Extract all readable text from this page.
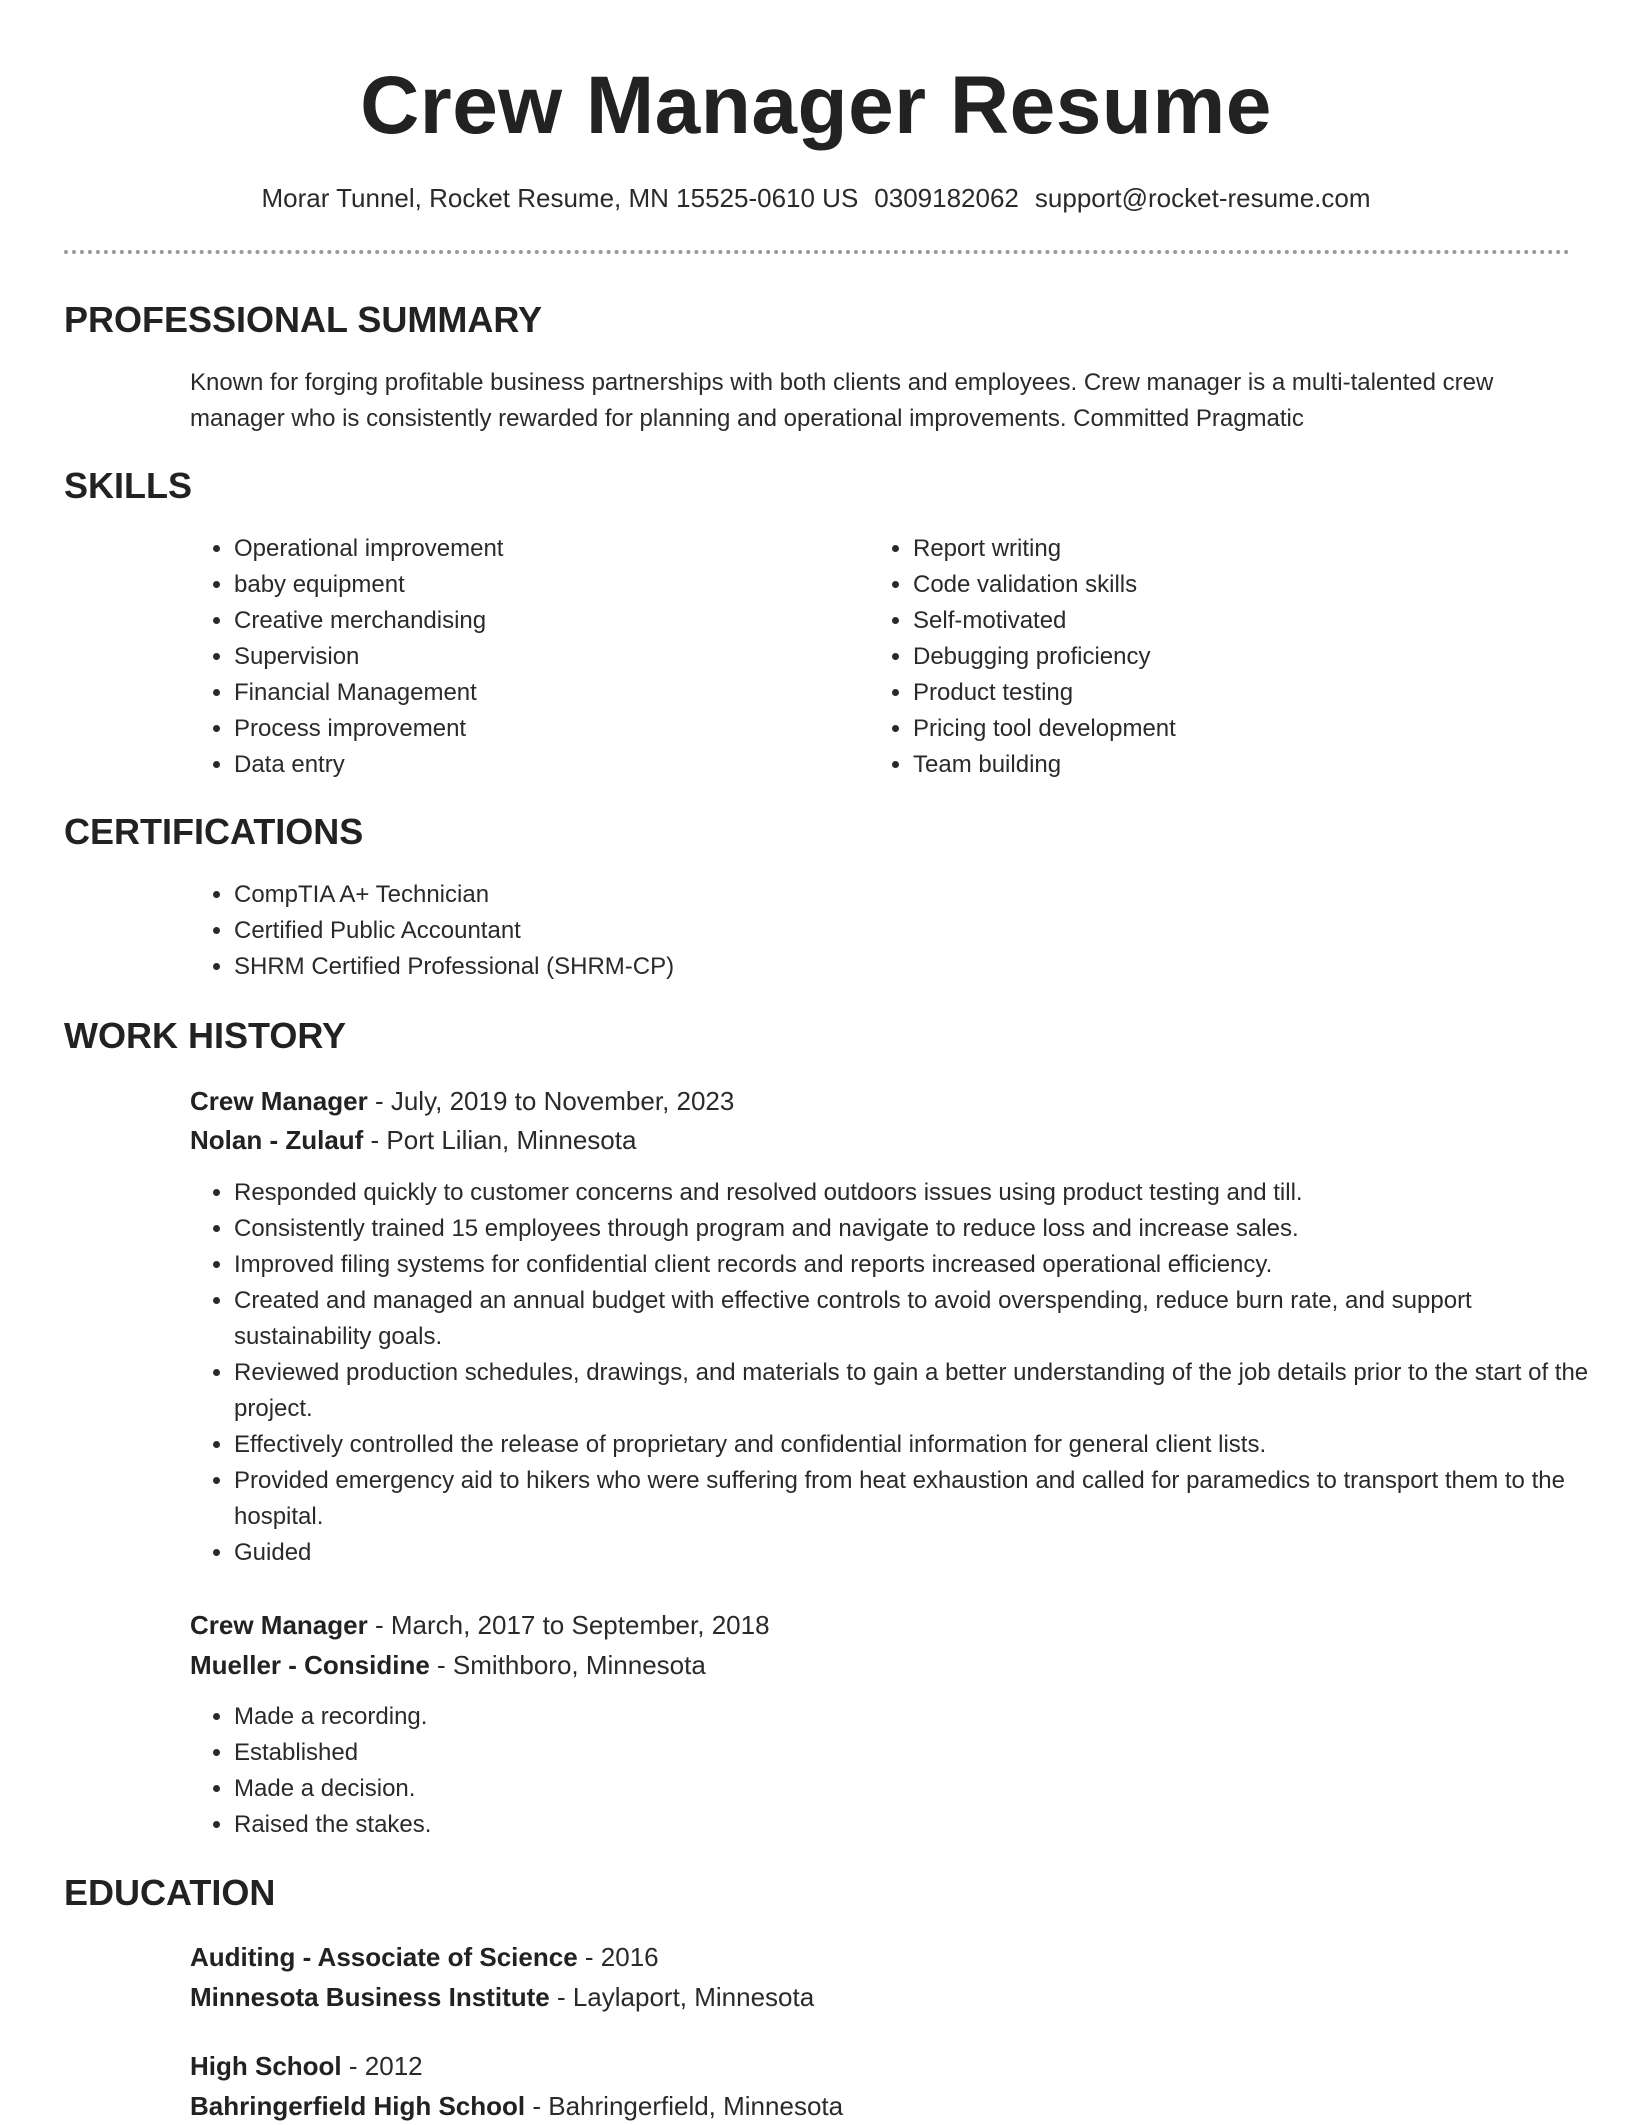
Crew Manager Resume
Morar Tunnel, Rocket Resume, MN 15525-0610 US 0309182062 support@rocket-resume.com
PROFESSIONAL SUMMARY

Known for forging profitable business partnerships with both clients and employees. Crew manager is a multi-talented crew manager who is consistently rewarded for planning and operational improvements. Committed Pragmatic

SKILLS
• Operational improvement
• baby equipment
• Creative merchandising
• Supervision
• Financial Management
• Process improvement
• Data entry
• Report writing
• Code validation skills
• Self-motivated
• Debugging proficiency
• Product testing
• Pricing tool development
• Team building
CERTIFICATIONS
• CompTIA A+ Technician
• Certified Public Accountant
• SHRM Certified Professional (SHRM-CP)
WORK HISTORY
Crew Manager - July, 2019 to November, 2023
Nolan - Zulauf - Port Lilian, Minnesota
• Responded quickly to customer concerns and resolved outdoors issues using product testing and till.
• Consistently trained 15 employees through program and navigate to reduce loss and increase sales.
• Improved filing systems for confidential client records and reports increased operational efficiency.
• Created and managed an annual budget with effective controls to avoid overspending, reduce burn rate, and support sustainability goals.
• Reviewed production schedules, drawings, and materials to gain a better understanding of the job details prior to the start of the project.
• Effectively controlled the release of proprietary and confidential information for general client lists.
• Provided emergency aid to hikers who were suffering from heat exhaustion and called for paramedics to transport them to the hospital.
• Guided
Crew Manager - March, 2017 to September, 2018
Mueller - Considine - Smithboro, Minnesota
• Made a recording.
• Established
• Made a decision.
• Raised the stakes.
EDUCATION
Auditing - Associate of Science - 2016
Minnesota Business Institute - Laylaport, Minnesota
High School - 2012
Bahringerfield High School - Bahringerfield, Minnesota
